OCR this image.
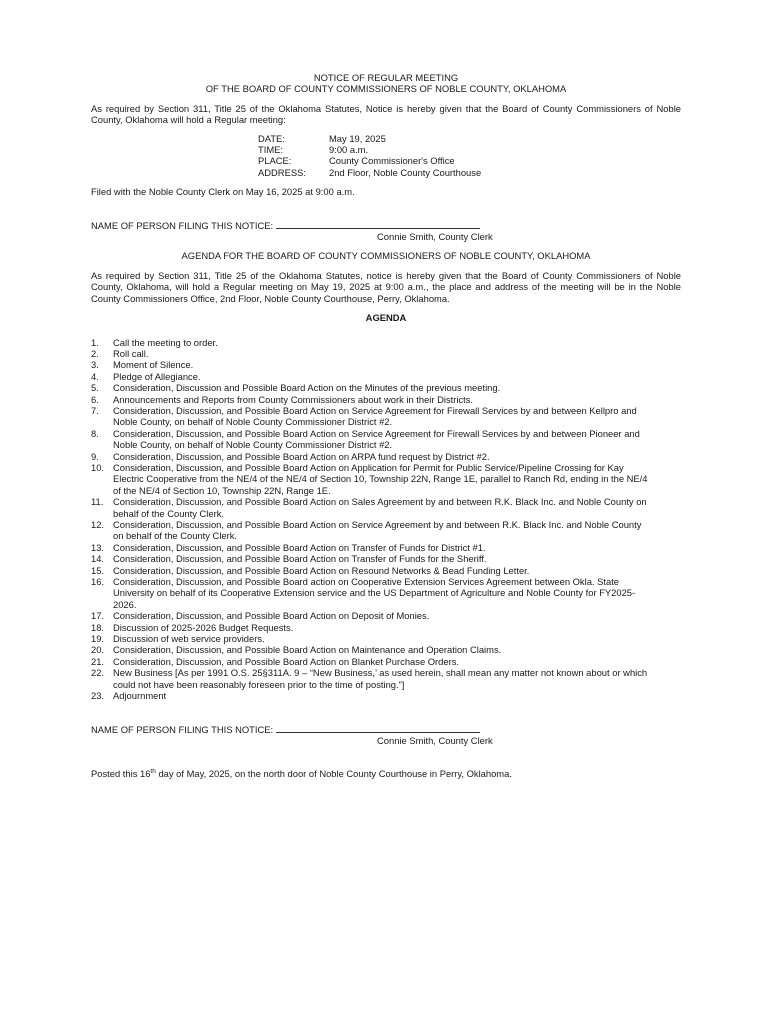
NOTICE OF REGULAR MEETING

OF THE BOARD OF COUNTY COMMISSIONERS OF NOBLE COUNTY, OKLAHOMA

As required by Section 311, Title 25 of the Oklahoma Statutes, Notice is hereby given that the Board of County Commissioners of Noble County, Oklahoma will hold a Regular meeting:

DATE:	May 19, 2025
TIME:	9:00 a.m.
PLACE:	County Commissioner's Office
ADDRESS:	2nd Floor, Noble County Courthouse

Filed with the Noble County Clerk on May 16, 2025 at 9:00 a.m.

NAME OF PERSON FILING THIS NOTICE:

Connie Smith, County Clerk

AGENDA FOR THE BOARD OF COUNTY COMMISSIONERS OF NOBLE COUNTY, OKLAHOMA

As required by Section 311, Title 25 of the Oklahoma Statutes, notice is hereby given that the Board of County Commissioners of Noble County, Oklahoma, will hold a Regular meeting on May 19, 2025 at 9:00 a.m., the place and address of the meeting will be in the Noble County Commissioners Office, 2nd Floor, Noble County Courthouse, Perry, Oklahoma.

AGENDA

1.	Call the meeting to order.
2.	Roll call.
3.	Moment of Silence.
4.	Pledge of Allegiance.
5.	Consideration, Discussion and Possible Board Action on the Minutes of the previous meeting.
6.	Announcements and Reports from County Commissioners about work in their Districts.
7.	Consideration, Discussion, and Possible Board Action on Service Agreement for Firewall Services by and between Kellpro and Noble County, on behalf of Noble County Commissioner District #2.
8.	Consideration, Discussion, and Possible Board Action on Service Agreement for Firewall Services by and between Pioneer and Noble County, on behalf of Noble County Commissioner District #2.
9.	Consideration, Discussion, and Possible Board Action on ARPA fund request by District #2.
10. Consideration, Discussion, and Possible Board Action on Application for Permit for Public Service/Pipeline Crossing for Kay Electric Cooperative from the NE/4 of the NE/4 of Section 10, Township 22N, Range 1E, parallel to Ranch Rd, ending in the NE/4 of the NE/4 of Section 10, Township 22N, Range 1E.
11.	Consideration, Discussion, and Possible Board Action on Sales Agreement by and between R.K. Black Inc. and Noble County on behalf of the County Clerk.
12. Consideration, Discussion, and Possible Board Action on Service Agreement by and between R.K. Black Inc. and Noble County on behalf of the County Clerk.
13. Consideration, Discussion, and Possible Board Action on Transfer of Funds for District #1.
14. Consideration, Discussion, and Possible Board Action on Transfer of Funds for the Sheriff.
15. Consideration, Discussion, and Possible Board Action on Resound Networks & Bead Funding Letter.
16. Consideration, Discussion, and Possible Board action on Cooperative Extension Services Agreement between Okla. State University on behalf of its Cooperative Extension service and the US Department of Agriculture and Noble County for FY2025-2026.
17. Consideration, Discussion, and Possible Board Action on Deposit of Monies.
18. Discussion of 2025-2026 Budget Requests.
19. Discussion of web service providers.
20. Consideration, Discussion, and Possible Board Action on Maintenance and Operation Claims.
21. Consideration, Discussion, and Possible Board Action on Blanket Purchase Orders.
22. New Business [As per 1991 O.S. 25§311A. 9 – “New Business,’ as used herein, shall mean any matter not known about or which could not have been reasonably foreseen prior to the time of posting.”]
23. Adjournment

NAME OF PERSON FILING THIS NOTICE:

Connie Smith, County Clerk

Posted this 16th day of May, 2025, on the north door of Noble County Courthouse in Perry, Oklahoma.
